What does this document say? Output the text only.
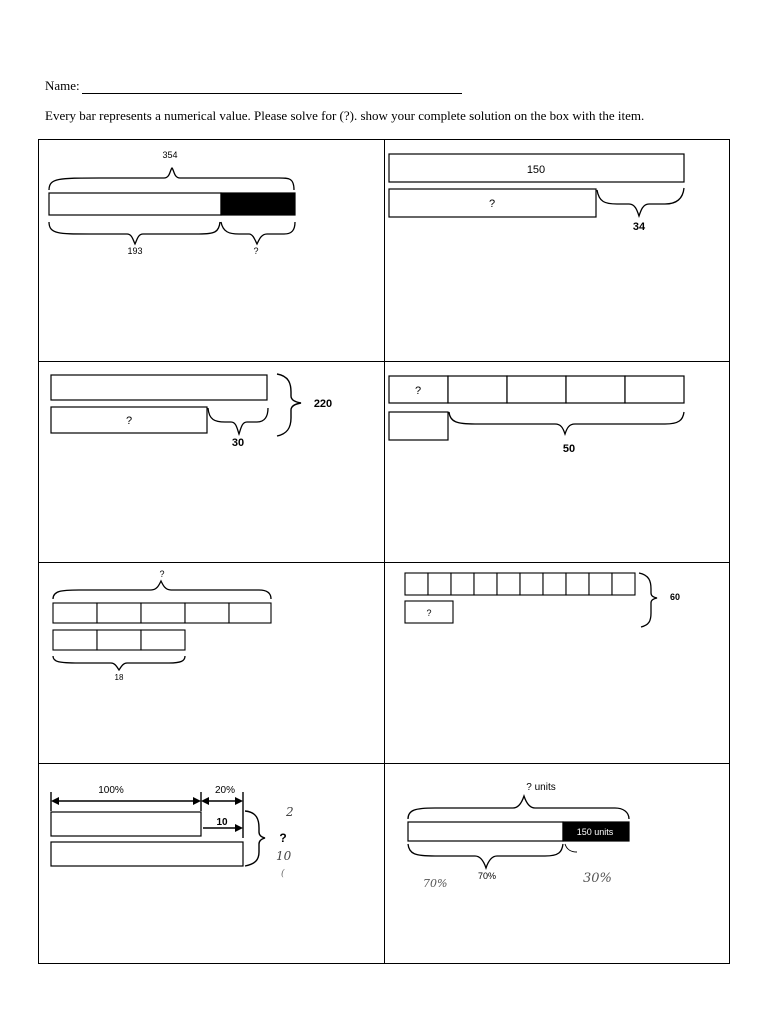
Name:
Every bar represents a numerical value. Please solve for (?). show your complete solution on the box with the item.
354
193	?
150
?
34
?
30
220
?
50
?
18
?
60
100%	20%
10
?
2
10
(
? units
150 units
70%
70%	30%
